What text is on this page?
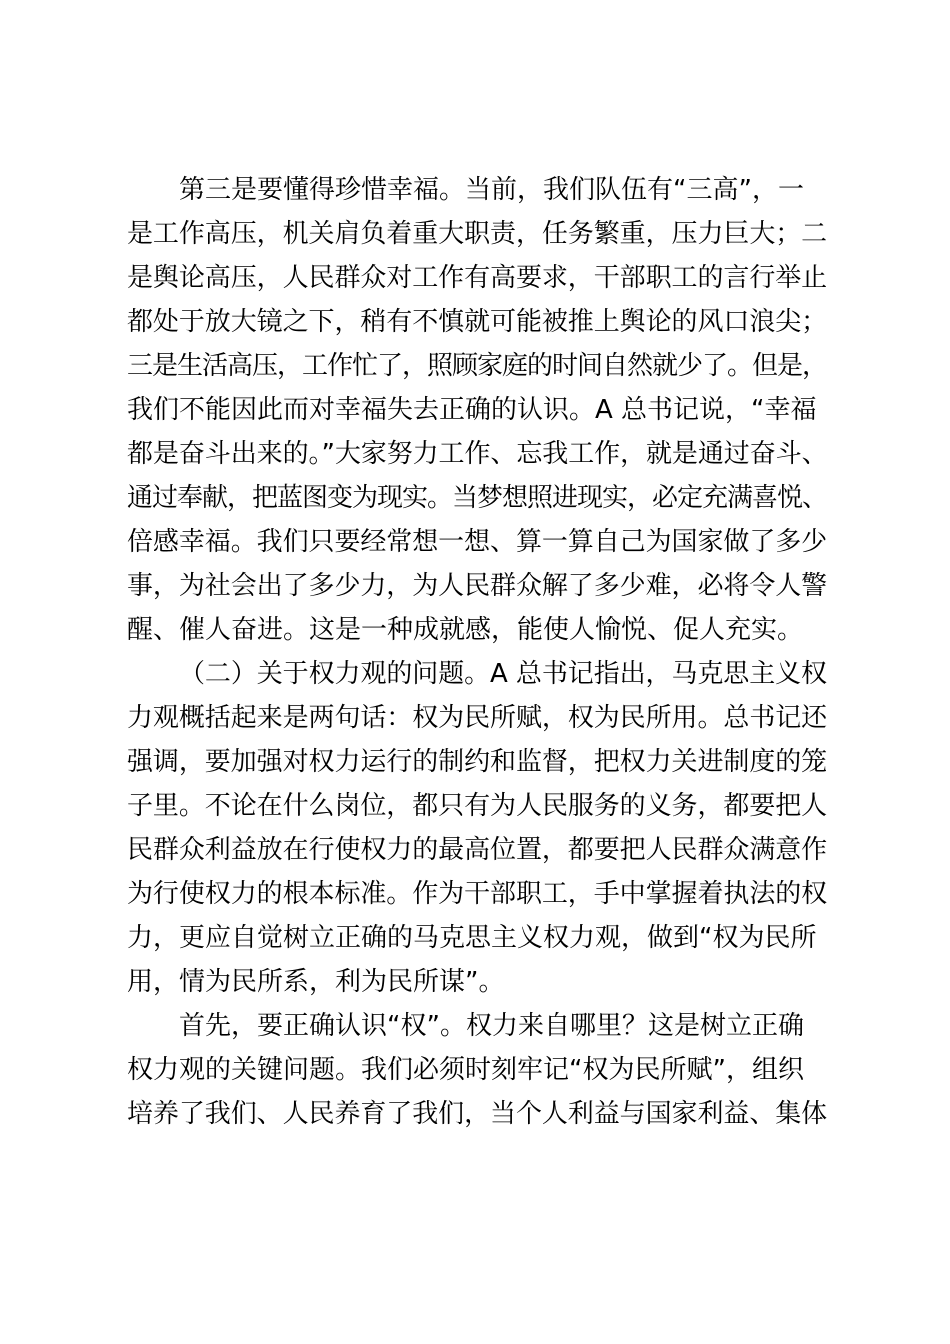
第三是要懂得珍惜幸福。当前，我们队伍有“三高”，一
是工作高压，机关肩负着重大职责，任务繁重，压力巨大；二
是舆论高压，人民群众对工作有高要求，干部职工的言行举止
都处于放大镜之下，稍有不慎就可能被推上舆论的风口浪尖；
三是生活高压，工作忙了，照顾家庭的时间自然就少了。但是，
我们不能因此而对幸福失去正确的认识。A 总书记说，“幸福
都是奋斗出来的。”大家努力工作、忘我工作，就是通过奋斗、
通过奉献，把蓝图变为现实。当梦想照进现实，必定充满喜悦、
倍感幸福。我们只要经常想一想、算一算自己为国家做了多少
事，为社会出了多少力，为人民群众解了多少难，必将令人警
醒、催人奋进。这是一种成就感，能使人愉悦、促人充实。
（二）关于权力观的问题。A 总书记指出，马克思主义权
力观概括起来是两句话：权为民所赋，权为民所用。总书记还
强调，要加强对权力运行的制约和监督，把权力关进制度的笼
子里。不论在什么岗位，都只有为人民服务的义务，都要把人
民群众利益放在行使权力的最高位置，都要把人民群众满意作
为行使权力的根本标准。作为干部职工，手中掌握着执法的权
力，更应自觉树立正确的马克思主义权力观，做到“权为民所
用，情为民所系，利为民所谋”。
首先，要正确认识“权”。权力来自哪里？这是树立正确
权力观的关键问题。我们必须时刻牢记“权为民所赋”，组织
培养了我们、人民养育了我们，当个人利益与国家利益、集体
